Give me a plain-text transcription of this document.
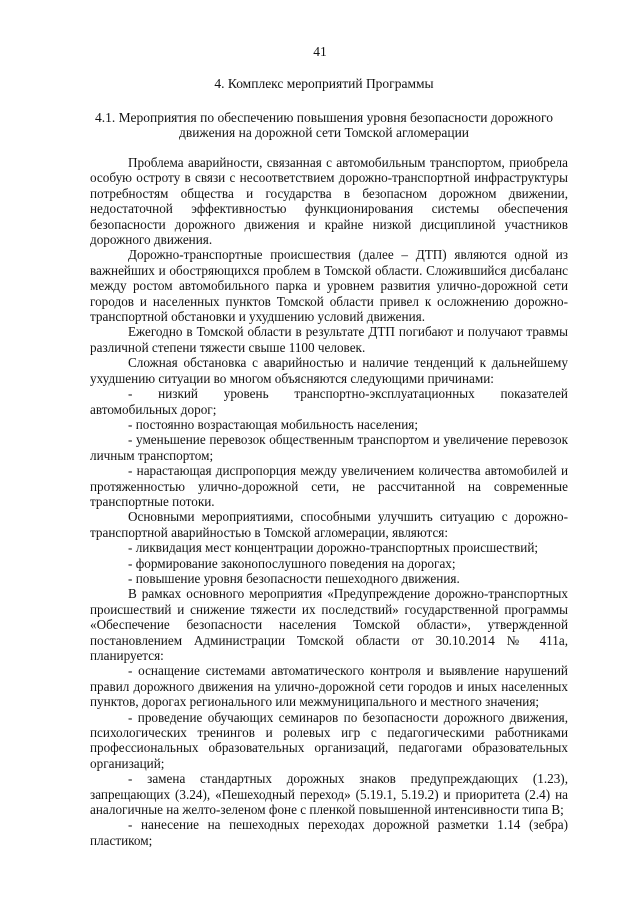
41
4. Комплекс мероприятий Программы
4.1. Мероприятия по обеспечению повышения уровня безопасности дорожного движения на дорожной сети Томской агломерации

Проблема аварийности, связанная с автомобильным транспортом, приобрела особую остроту в связи с несоответствием дорожно-транспортной инфраструктуры потребностям общества и государства в безопасном дорожном движении, недостаточной эффективностью функционирования системы обеспечения безопасности дорожного движения и крайне низкой дисциплиной участников дорожного движения.

Дорожно-транспортные происшествия (далее – ДТП) являются одной из важнейших и обостряющихся проблем в Томской области. Сложившийся дисбаланс между ростом автомобильного парка и уровнем развития улично-дорожной сети городов и населенных пунктов Томской области привел к осложнению дорожно-транспортной обстановки и ухудшению условий движения.

Ежегодно в Томской области в результате ДТП погибают и получают травмы различной степени тяжести свыше 1100 человек.

Сложная обстановка с аварийностью и наличие тенденций к дальнейшему ухудшению ситуации во многом объясняются следующими причинами:

- низкий уровень транспортно-эксплуатационных показателей автомобильных дорог;

- постоянно возрастающая мобильность населения;

- уменьшение перевозок общественным транспортом и увеличение перевозок личным транспортом;

- нарастающая диспропорция между увеличением количества автомобилей и протяженностью улично-дорожной сети, не рассчитанной на современные транспортные потоки.

Основными мероприятиями, способными улучшить ситуацию с дорожно-транспортной аварийностью в Томской агломерации, являются:

- ликвидация мест концентрации дорожно-транспортных происшествий;

- формирование законопослушного поведения на дорогах;

- повышение уровня безопасности пешеходного движения.

В рамках основного мероприятия «Предупреждение дорожно-транспортных происшествий и снижение тяжести их последствий» государственной программы «Обеспечение безопасности населения Томской области», утвержденной постановлением Администрации Томской области от 30.10.2014 № 411а, планируется:

- оснащение системами автоматического контроля и выявление нарушений правил дорожного движения на улично-дорожной сети городов и иных населенных пунктов, дорогах регионального или межмуниципального и местного значения;

- проведение обучающих семинаров по безопасности дорожного движения, психологических тренингов и ролевых игр с педагогическими работниками профессиональных образовательных организаций, педагогами образовательных организаций;

- замена стандартных дорожных знаков предупреждающих (1.23), запрещающих (3.24), «Пешеходный переход» (5.19.1, 5.19.2) и приоритета (2.4) на аналогичные на желто-зеленом фоне с пленкой повышенной интенсивности типа В;

- нанесение на пешеходных переходах дорожной разметки 1.14 (зебра) пластиком;
